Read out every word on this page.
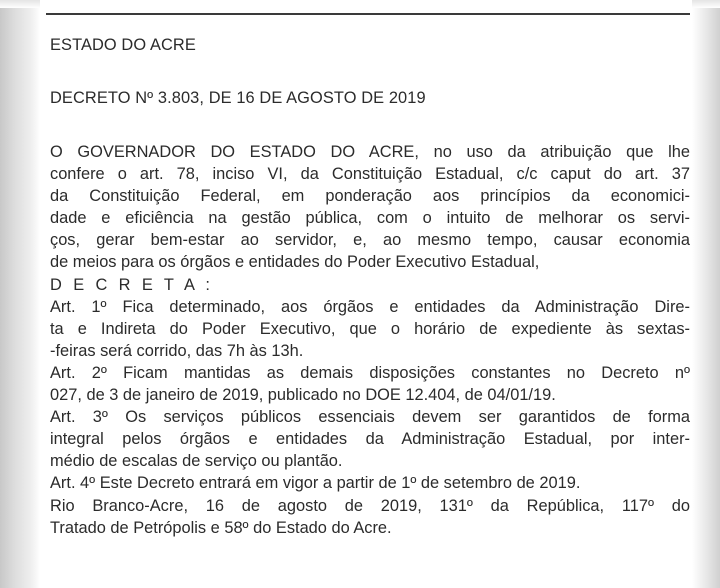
ESTADO DO ACRE
DECRETO Nº 3.803, DE 16 DE AGOSTO DE 2019
O GOVERNADOR DO ESTADO DO ACRE, no uso da atribuição que lhe
confere o art. 78, inciso VI, da Constituição Estadual, c/c caput do art. 37
da Constituição Federal, em ponderação aos princípios da economici-
dade e eficiência na gestão pública, com o intuito de melhorar os servi-
ços, gerar bem-estar ao servidor, e, ao mesmo tempo, causar economia
de meios para os órgãos e entidades do Poder Executivo Estadual,
D E C R E T A :
Art. 1º Fica determinado, aos órgãos e entidades da Administração Dire-
ta e Indireta do Poder Executivo, que o horário de expediente às sextas-
-feiras será corrido, das 7h às 13h.
Art. 2º Ficam mantidas as demais disposições constantes no Decreto nº
027, de 3 de janeiro de 2019, publicado no DOE 12.404, de 04/01/19.
Art. 3º Os serviços públicos essenciais devem ser garantidos de forma
integral pelos órgãos e entidades da Administração Estadual, por inter-
médio de escalas de serviço ou plantão.
Art. 4º Este Decreto entrará em vigor a partir de 1º de setembro de 2019.
Rio Branco-Acre, 16 de agosto de 2019, 131º da República, 117º do
Tratado de Petrópolis e 58º do Estado do Acre.
